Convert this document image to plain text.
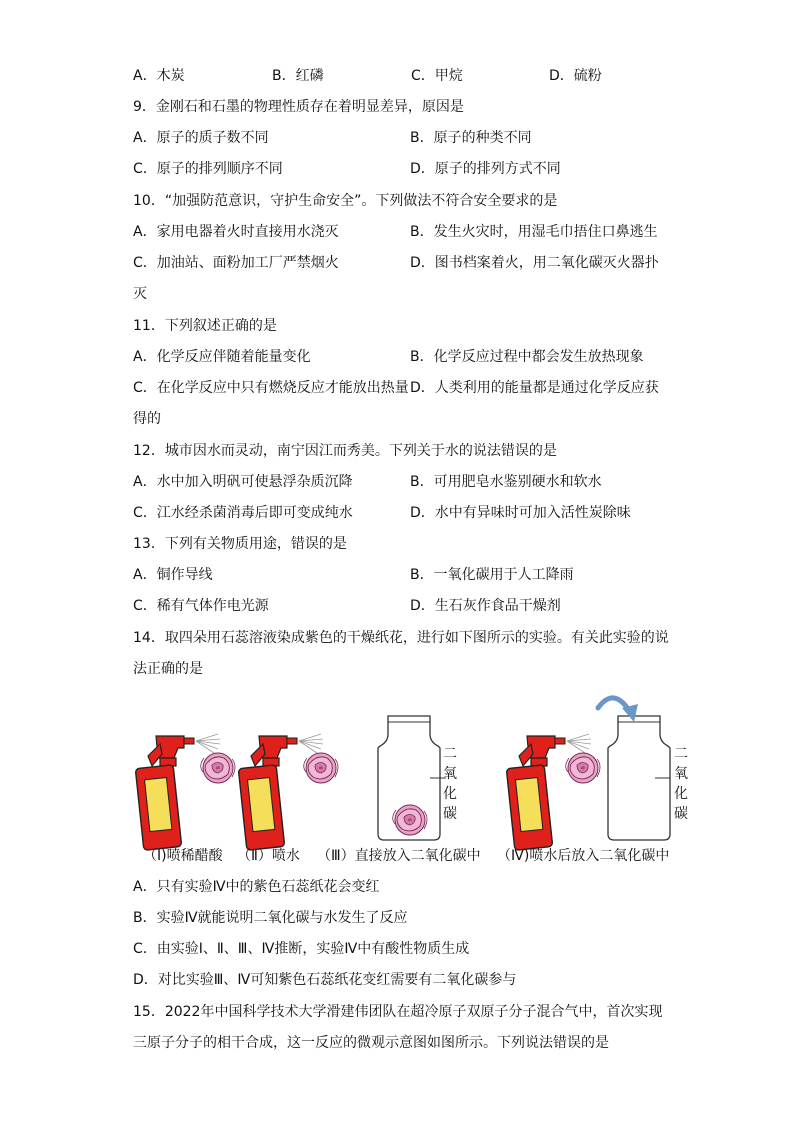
A．木炭	B．红磷	C．甲烷	D．硫粉
9．金刚石和石墨的物理性质存在着明显差异，原因是
A．原子的质子数不同	B．原子的种类不同
C．原子的排列顺序不同	D．原子的排列方式不同
10．“加强防范意识，守护生命安全”。下列做法不符合安全要求的是
A．家用电器着火时直接用水浇灭	B．发生火灾时，用湿毛巾捂住口鼻逃生
C．加油站、面粉加工厂严禁烟火	D．图书档案着火，用二氧化碳灭火器扑
灭
11．下列叙述正确的是
A．化学反应伴随着能量变化	B．化学反应过程中都会发生放热现象
C．在化学反应中只有燃烧反应才能放出热量 D．人类利用的能量都是通过化学反应获
得的
12．城市因水而灵动，南宁因江而秀美。下列关于水的说法错误的是
A．水中加入明矾可使悬浮杂质沉降	B．可用肥皂水鉴别硬水和软水
C．江水经杀菌消毒后即可变成纯水	D．水中有异味时可加入活性炭除味
13．下列有关物质用途，错误的是
A．铜作导线	B．一氧化碳用于人工降雨
C．稀有气体作电光源	D．生石灰作食品干燥剂
14．取四朵用石蕊溶液染成紫色的干燥纸花，进行如下图所示的实验。有关此实验的说
法正确的是
二
氧
化
碳
二
氧
化
碳
（Ⅰ)喷稀醋酸 （Ⅱ）喷水 （Ⅲ）直接放入二氧化碳中 （Ⅳ)喷水后放入二氧化碳中
A．只有实验Ⅳ中的紫色石蕊纸花会变红
B．实验Ⅳ就能说明二氧化碳与水发生了反应
C．由实验Ⅰ、Ⅱ、Ⅲ、Ⅳ推断，实验Ⅳ中有酸性物质生成
D．对比实验Ⅲ、Ⅳ可知紫色石蕊纸花变红需要有二氧化碳参与
15．2022年中国科学技术大学滑建伟团队在超冷原子双原子分子混合气中，首次实现
三原子分子的相干合成，这一反应的微观示意图如图所示。下列说法错误的是
